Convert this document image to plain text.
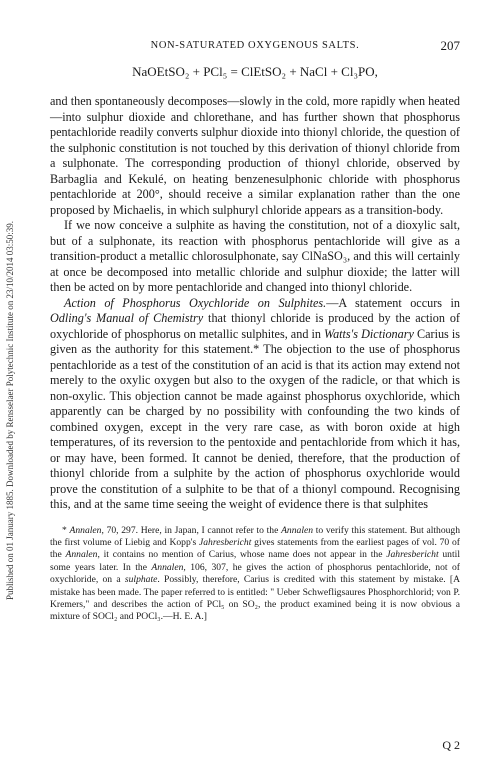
Published on 01 January 1885. Downloaded by Rensselaer Polytechnic Institute on 23/10/2014 03:50:39.
NON-SATURATED OXYGENOUS SALTS.	207
NaOEtSO₂ + PCl₅ = ClEtSO₂ + NaCl + Cl₃PO,

and then spontaneously decomposes—slowly in the cold, more rapidly when heated—into sulphur dioxide and chlorethane, and has further shown that phosphorus pentachloride readily converts sulphur dioxide into thionyl chloride, the question of the sulphonic constitution is not touched by this derivation of thionyl chloride from a sulphonate. The corresponding production of thionyl chloride, observed by Barbaglia and Kekulé, on heating benzenesulphonic chloride with phosphorus pentachloride at 200°, should receive a similar explanation rather than the one proposed by Michaelis, in which sulphuryl chloride appears as a transition-body.

If we now conceive a sulphite as having the constitution, not of a dioxylic salt, but of a sulphonate, its reaction with phosphorus pentachloride will give as a transition-product a metallic chlorosulphonate, say ClNaSO₃, and this will certainly at once be decomposed into metallic chloride and sulphur dioxide; the latter will then be acted on by more pentachloride and changed into thionyl chloride.

Action of Phosphorus Oxychloride on Sulphites.—A statement occurs in Odling's Manual of Chemistry that thionyl chloride is produced by the action of oxychloride of phosphorus on metallic sulphites, and in Watts's Dictionary Carius is given as the authority for this statement.* The objection to the use of phosphorus pentachloride as a test of the constitution of an acid is that its action may extend not merely to the oxylic oxygen but also to the oxygen of the radicle, or that which is non-oxylic. This objection cannot be made against phosphorus oxychloride, which apparently can be charged by no possibility with confounding the two kinds of combined oxygen, except in the very rare case, as with boron oxide at high temperatures, of its reversion to the pentoxide and pentachloride from which it has, or may have, been formed. It cannot be denied, therefore, that the production of thionyl chloride from a sulphite by the action of phosphorus oxychloride would prove the constitution of a sulphite to be that of a thionyl compound. Recognising this, and at the same time seeing the weight of evidence there is that sulphites

* Annalen, 70, 297. Here, in Japan, I cannot refer to the Annalen to verify this statement. But although the first volume of Liebig and Kopp's Jahresbericht gives statements from the earliest pages of vol. 70 of the Annalen, it contains no mention of Carius, whose name does not appear in the Jahresbericht until some years later. In the Annalen, 106, 307, he gives the action of phosphorus pentachloride, not of oxychloride, on a sulphate. Possibly, therefore, Carius is credited with this statement by mistake. [A mistake has been made. The paper referred to is entitled: " Ueber Schwefligsaures Phosphorchlorid; von P. Kremers," and describes the action of PCl₅ on SO₂, the product examined being it is now obvious a mixture of SOCl₂ and POCl₃.—H. E. A.]

Q 2
